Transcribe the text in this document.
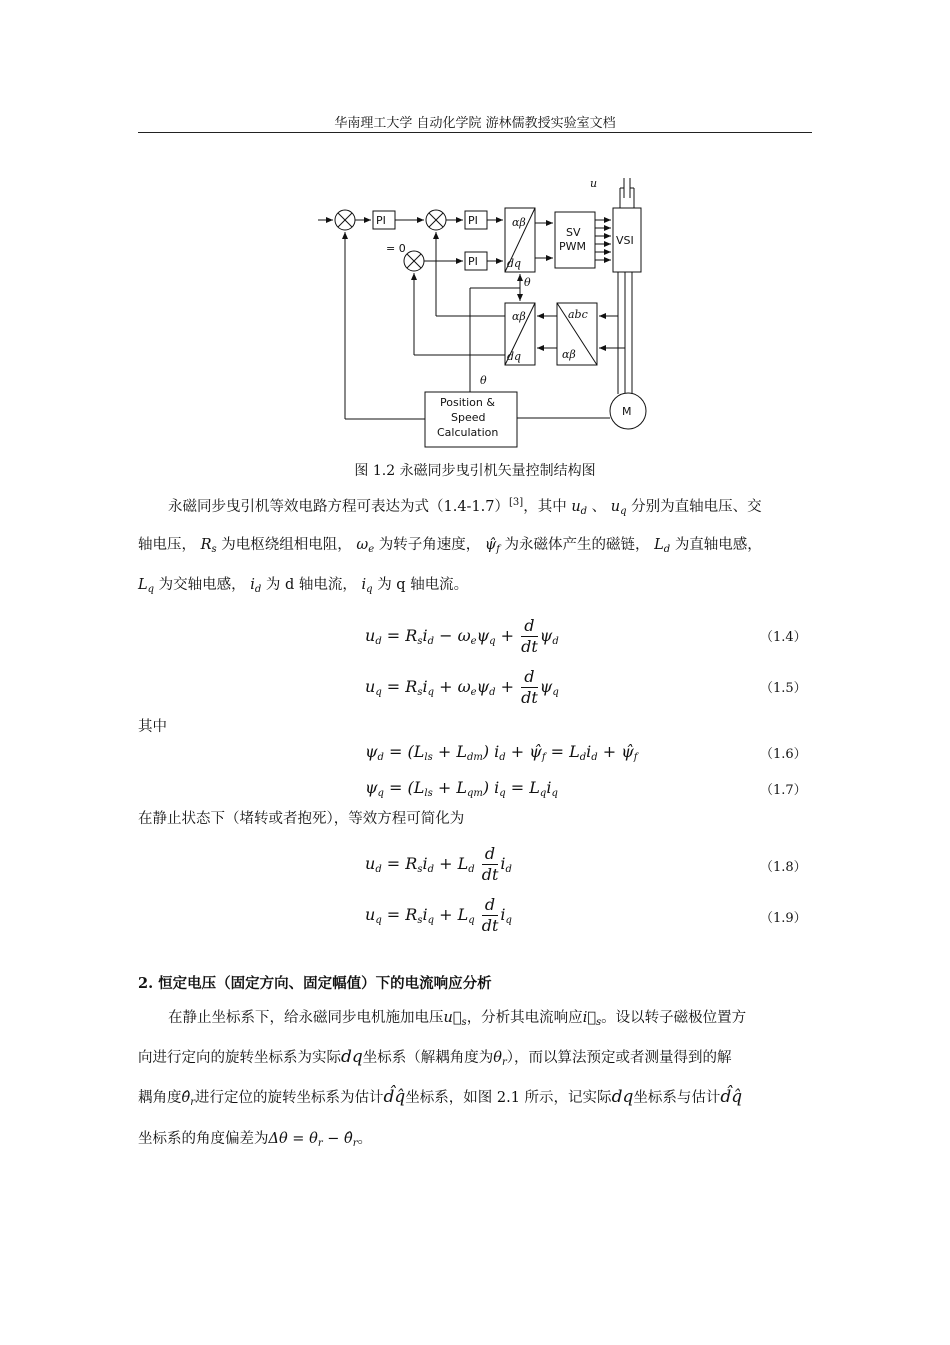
华南理工大学 自动化学院 游林儒教授实验室文档
PI	PI
PI
SV
PWM	VSI
M
Position &
Speed
Calculation
αβ
dq
αβ
dq
abc
αβ
θ
θ
u
= 0
图 1.2 永磁同步曳引机矢量控制结构图
永磁同步曳引机等效电路方程可表达为式（1.4-1.7）[3]，其中 $u_d$ 、 $u_q$ 分别为直轴电压、交
轴电压， $R_s$ 为电枢绕组相电阻， $\omega_e$ 为转子角速度， $\psî_f$ 为永磁体产生的磁链， $L_d$ 为直轴电感，
$L_q$ 为交轴电感， $i_d$ 为 d 轴电流， $i_q$ 为 q 轴电流。
$u_d = R_si_d - \omega_e\psi_q + \frac{d}{dt} \psi_d$	（1.4）
$u_q = R_si_q + \omega_e\psi_d + \frac{d}{dt} \psi_q$	（1.5）
其中
$\psi_d = (L_{ls} + L_{dm}) i_d$ + $\psî_f = L_di_d$ + $\psî_f$	（1.6）
$\psi_q = (L_{ls} + L_{qm}) i_q = L_qi_q$	（1.7）
在静止状态下（堵转或者抱死），等效方程可简化为
$u_d = R_si_d + L_d \frac{d}{dt} i_d$	（1.8）
$u_q = R_si_q + L_q \frac{d}{dt} i_q$	（1.9）
2. 恒定电压（固定方向、固定幅值）下的电流响应分析
在静止坐标系下，给永磁同步电机施加电压$u⃗_s$，分析其电流响应$i⃗_s$。设以转子磁极位置方
向进行定向的旋转坐标系为实际dq坐标系（解耦角度为$\theta_r$），而以算法预定或者测量得到的解
耦角度$\thetâ_r$进行定位的旋转坐标系为估计d̂q̂坐标系，如图 2.1 所示，记实际dq坐标系与估计d̂q̂
坐标系的角度偏差为$\Delta\theta = \theta_r$ − $\thetâ_r$。
